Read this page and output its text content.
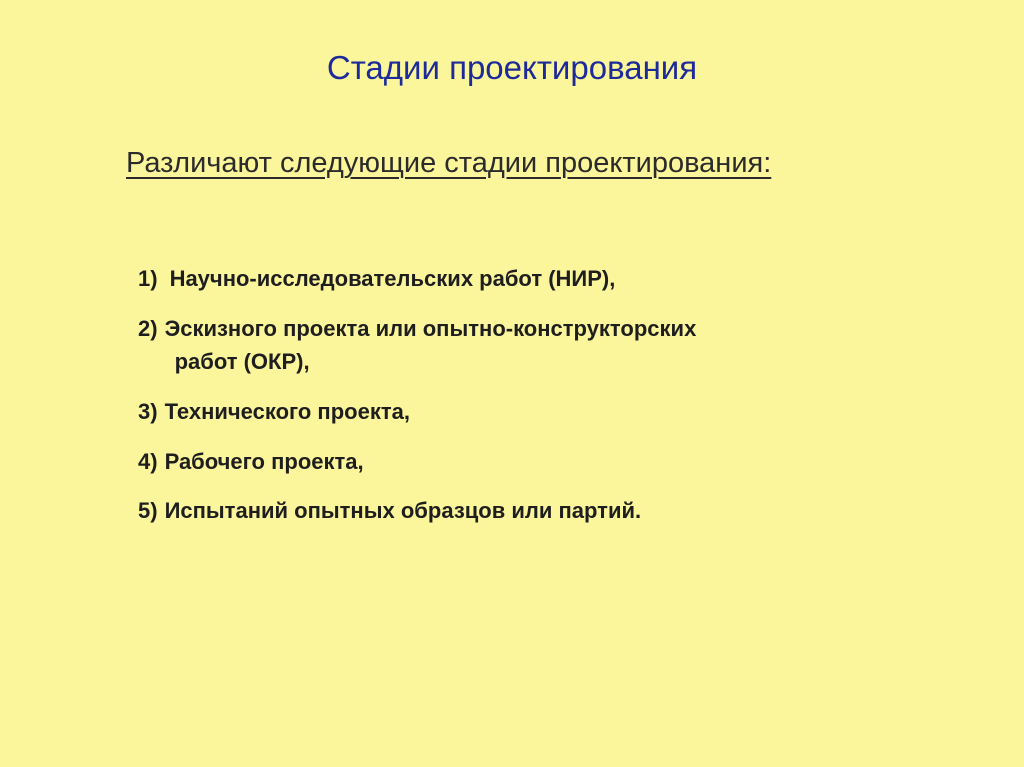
Стадии проектирования

Различают следующие стадии проектирования:

1) Научно-исследовательских работ (НИР),
2) Эскизного проекта или опытно-конструкторских
работ (ОКР),
3) Технического проекта,
4) Рабочего проекта,
5) Испытаний опытных образцов или партий.
